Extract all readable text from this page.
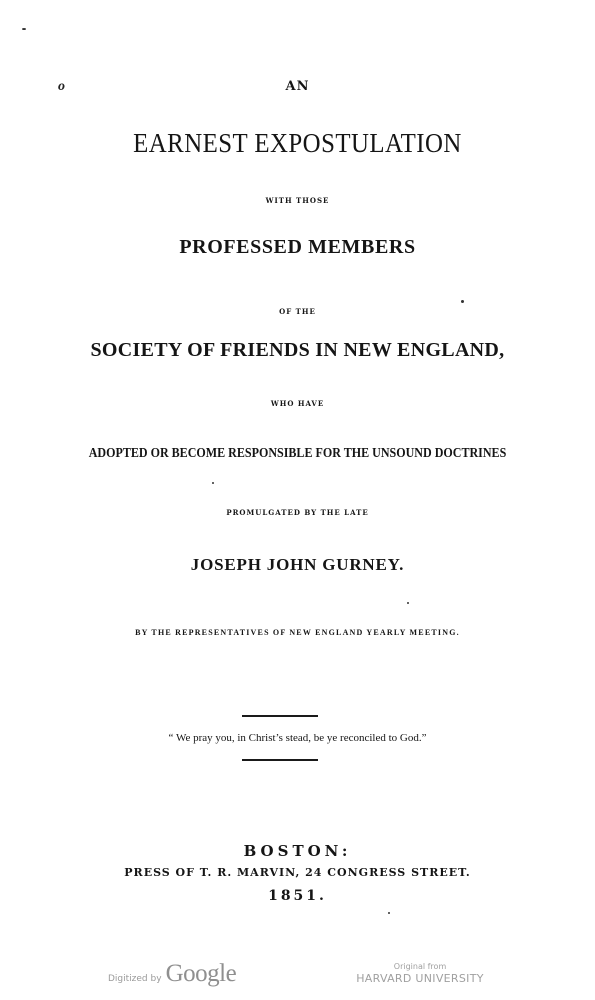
o	AN
EARNEST EXPOSTULATION
WITH THOSE
PROFESSED MEMBERS
OF THE
SOCIETY OF FRIENDS IN NEW ENGLAND,
WHO HAVE
ADOPTED OR BECOME RESPONSIBLE FOR THE UNSOUND DOCTRINES
PROMULGATED BY THE LATE
JOSEPH JOHN GURNEY.
BY THE REPRESENTATIVES OF NEW ENGLAND YEARLY MEETING.
“ We pray you, in Christ’s stead, be ye reconciled to God.”
BOSTON:
PRESS OF T. R. MARVIN, 24 CONGRESS STREET.
1851.
Digitized by Google	Original from
HARVARD UNIVERSITY
